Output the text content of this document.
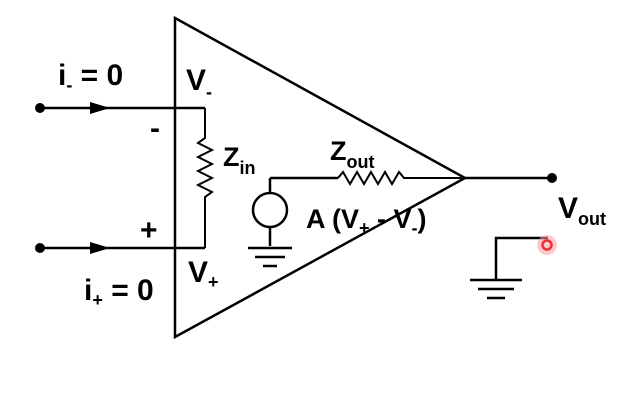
$i_- = 0$
$i_+ = 0$
$V_-$
$V_+$
-
+
$Z_{in}$
$Z_{out}$
A $(V_+ - V_-)$	$V_{out}$
